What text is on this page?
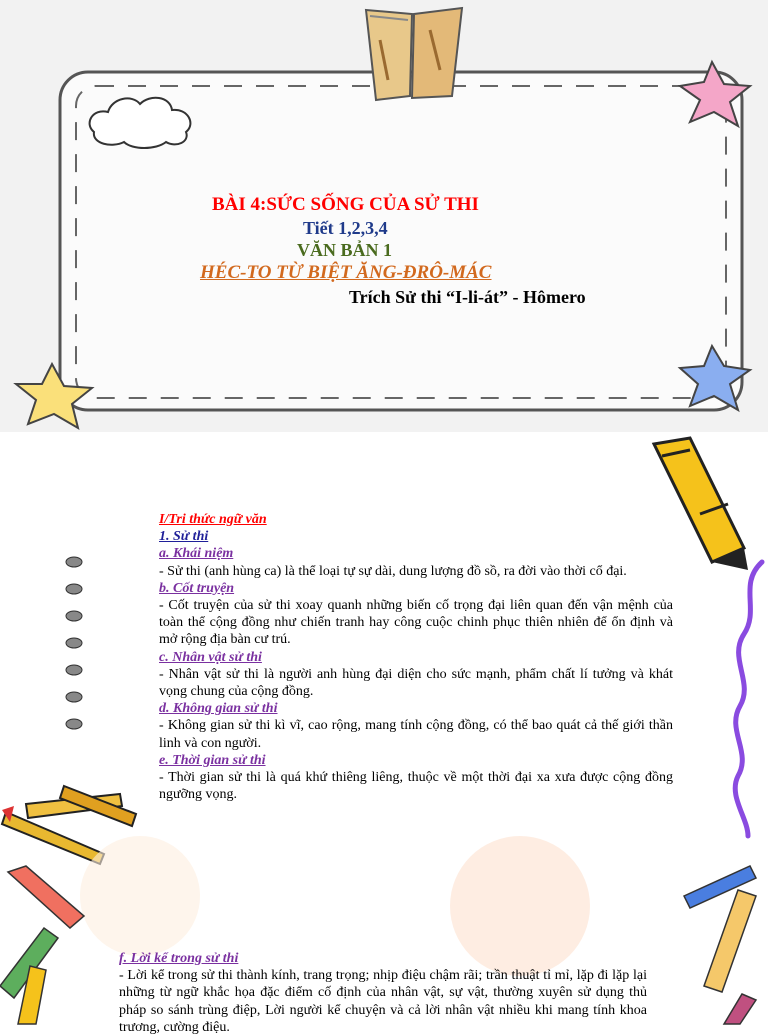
BÀI 4:SỨC SỐNG CỦA SỬ THI
Tiết 1,2,3,4
VĂN BẢN 1
HÉC-TO TỪ BIỆT ĂNG-ĐRÔ-MÁC
Trích Sử thi “I-li-át” - Hômero
I/Tri thức ngữ văn
1. Sử thi
a. Khái niệm
- Sử thi (anh hùng ca) là thể loại tự sự dài, dung lượng đồ sồ, ra đời vào thời cổ đại.
b. Cốt truyện
- Cốt truyện của sử thi xoay quanh những biến cố trọng đại liên quan đến vận mệnh của toàn thể cộng đồng như chiến tranh hay công cuộc chinh phục thiên nhiên để ổn định và mở rộng địa bàn cư trú.
c. Nhân vật sử thi
- Nhân vật sử thi là người anh hùng đại diện cho sức mạnh, phẩm chất lí tưởng và khát vọng chung của cộng đồng.
d. Không gian sử thi
- Không gian sử thi kì vĩ, cao rộng, mang tính cộng đồng, có thể bao quát cả thế giới thần linh và con người.
e. Thời gian sử thi
- Thời gian sử thi là quá khứ thiêng liêng, thuộc về một thời đại xa xưa được cộng đồng ngưỡng vọng.
f. Lời kể trong sử thi
- Lời kể trong sử thi thành kính, trang trọng; nhịp điệu chậm rãi; trần thuật tỉ mỉ, lặp đi lặp lại những từ ngữ khắc họa đặc điểm cố định của nhân vật, sự vật, thường xuyên sử dụng thủ pháp so sánh trùng điệp, Lời người kể chuyện và cả lời nhân vật nhiều khi mang tính khoa trương, cường điệu.
